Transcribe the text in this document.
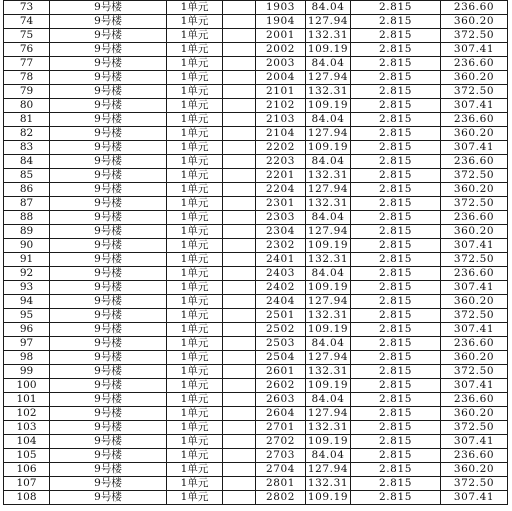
73	9号楼	1单元		1903	84.04	2.815	236.60
74	9号楼	1单元		1904	127.94	2.815	360.20
75	9号楼	1单元		2001	132.31	2.815	372.50
76	9号楼	1单元		2002	109.19	2.815	307.41
77	9号楼	1单元		2003	84.04	2.815	236.60
78	9号楼	1单元		2004	127.94	2.815	360.20
79	9号楼	1单元		2101	132.31	2.815	372.50
80	9号楼	1单元		2102	109.19	2.815	307.41
81	9号楼	1单元		2103	84.04	2.815	236.60
82	9号楼	1单元		2104	127.94	2.815	360.20
83	9号楼	1单元		2202	109.19	2.815	307.41
84	9号楼	1单元		2203	84.04	2.815	236.60
85	9号楼	1单元		2201	132.31	2.815	372.50
86	9号楼	1单元		2204	127.94	2.815	360.20
87	9号楼	1单元		2301	132.31	2.815	372.50
88	9号楼	1单元		2303	84.04	2.815	236.60
89	9号楼	1单元		2304	127.94	2.815	360.20
90	9号楼	1单元		2302	109.19	2.815	307.41
91	9号楼	1单元		2401	132.31	2.815	372.50
92	9号楼	1单元		2403	84.04	2.815	236.60
93	9号楼	1单元		2402	109.19	2.815	307.41
94	9号楼	1单元		2404	127.94	2.815	360.20
95	9号楼	1单元		2501	132.31	2.815	372.50
96	9号楼	1单元		2502	109.19	2.815	307.41
97	9号楼	1单元		2503	84.04	2.815	236.60
98	9号楼	1单元		2504	127.94	2.815	360.20
99	9号楼	1单元		2601	132.31	2.815	372.50
100	9号楼	1单元		2602	109.19	2.815	307.41
101	9号楼	1单元		2603	84.04	2.815	236.60
102	9号楼	1单元		2604	127.94	2.815	360.20
103	9号楼	1单元		2701	132.31	2.815	372.50
104	9号楼	1单元		2702	109.19	2.815	307.41
105	9号楼	1单元		2703	84.04	2.815	236.60
106	9号楼	1单元		2704	127.94	2.815	360.20
107	9号楼	1单元		2801	132.31	2.815	372.50
108	9号楼	1单元		2802	109.19	2.815	307.41
